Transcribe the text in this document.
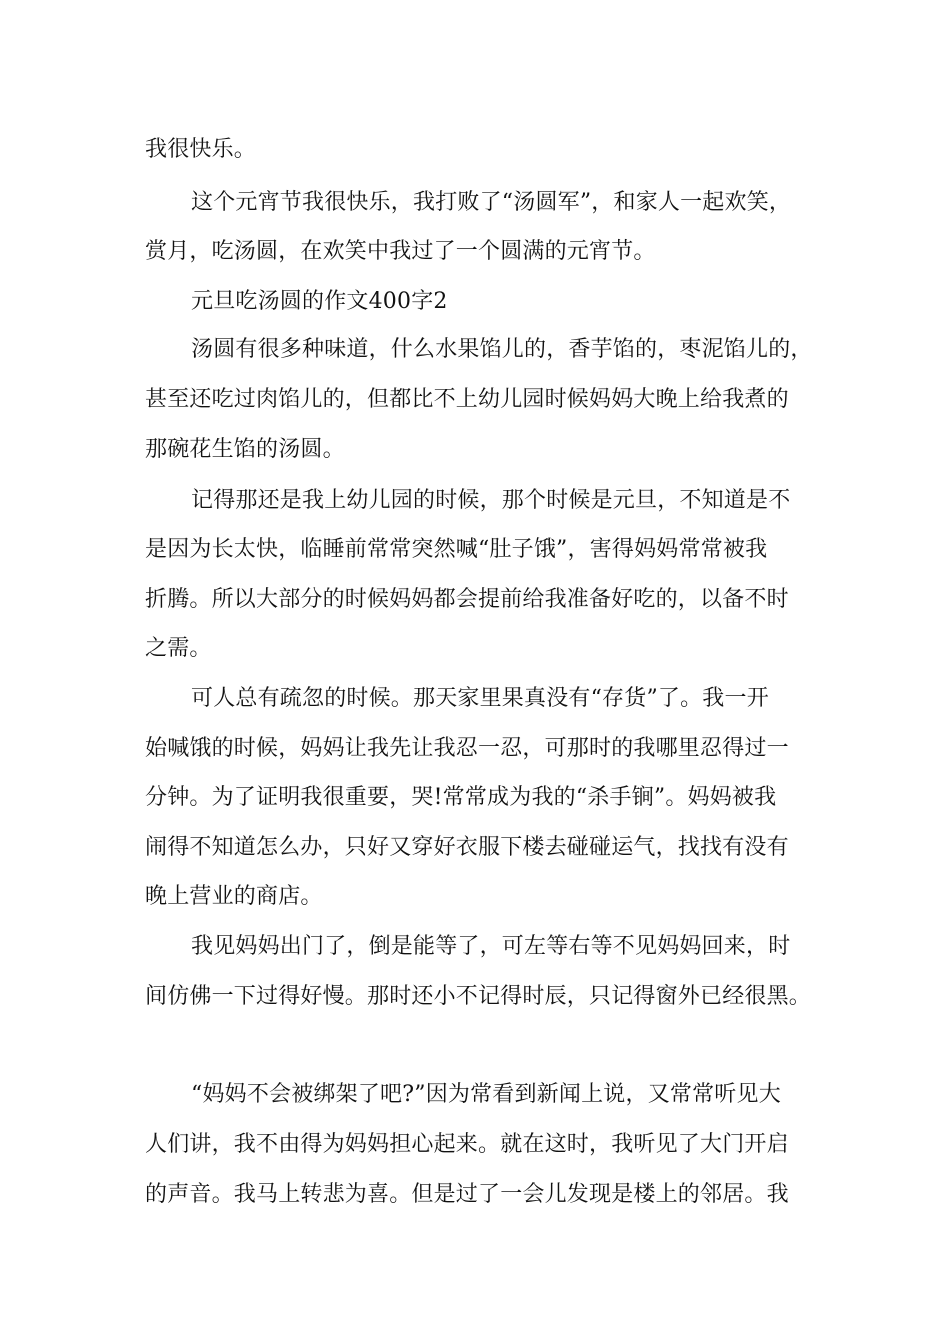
我很快乐。

这个元宵节我很快乐，我打败了“汤圆军”，和家人一起欢笑，

赏月，吃汤圆，在欢笑中我过了一个圆满的元宵节。

元旦吃汤圆的作文400字2

汤圆有很多种味道，什么水果馅儿的，香芋馅的，枣泥馅儿的，

甚至还吃过肉馅儿的，但都比不上幼儿园时候妈妈大晚上给我煮的

那碗花生馅的汤圆。

记得那还是我上幼儿园的时候，那个时候是元旦，不知道是不

是因为长太快，临睡前常常突然喊“肚子饿”，害得妈妈常常被我

折腾。所以大部分的时候妈妈都会提前给我准备好吃的，以备不时

之需。

可人总有疏忽的时候。那天家里果真没有“存货”了。我一开

始喊饿的时候，妈妈让我先让我忍一忍，可那时的我哪里忍得过一

分钟。为了证明我很重要，哭!常常成为我的“杀手锏”。妈妈被我

闹得不知道怎么办，只好又穿好衣服下楼去碰碰运气，找找有没有

晚上营业的商店。

我见妈妈出门了，倒是能等了，可左等右等不见妈妈回来，时

间仿佛一下过得好慢。那时还小不记得时辰，只记得窗外已经很黑。

“妈妈不会被绑架了吧?”因为常看到新闻上说，又常常听见大

人们讲，我不由得为妈妈担心起来。就在这时，我听见了大门开启

的声音。我马上转悲为喜。但是过了一会儿发现是楼上的邻居。我
